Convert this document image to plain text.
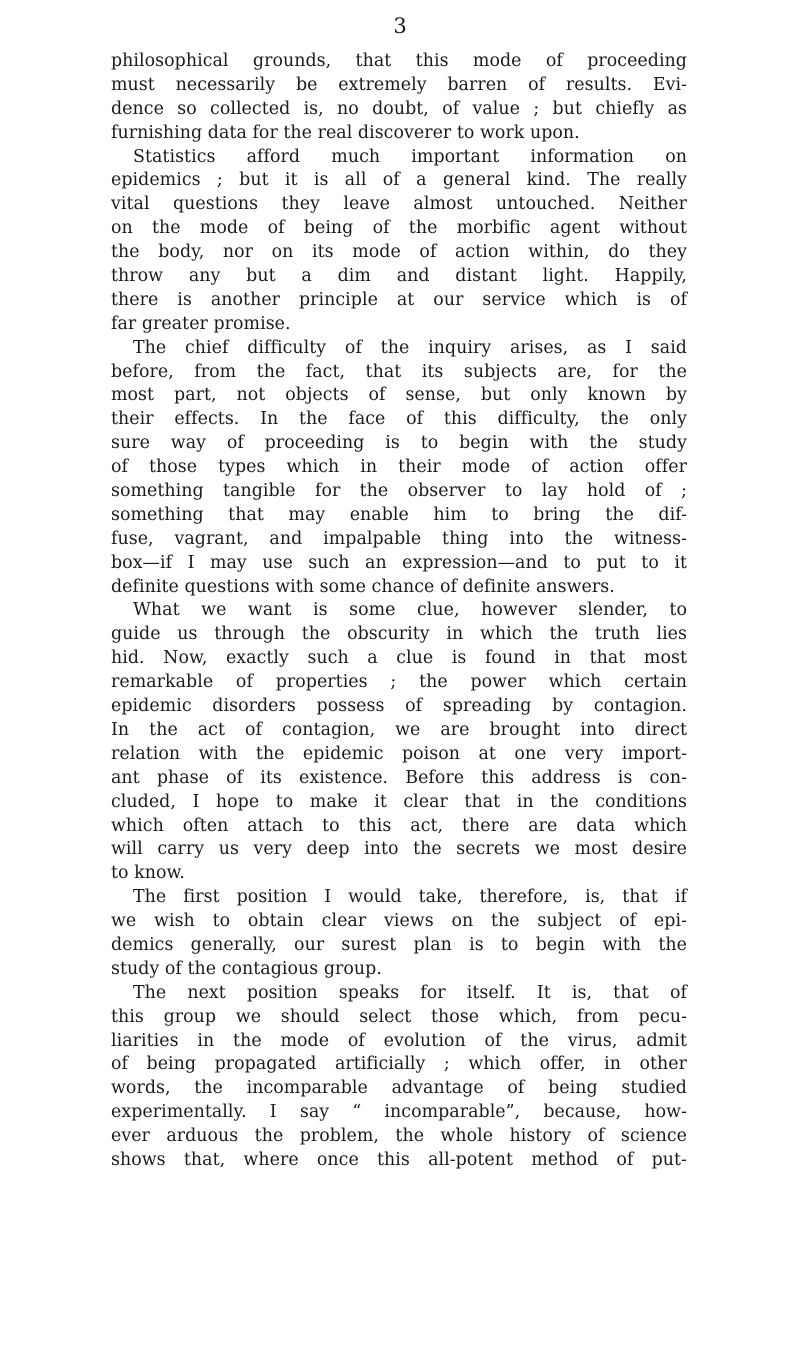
3
philosophical grounds, that this mode of proceeding
must necessarily be extremely barren of results. Evi-
dence so collected is, no doubt, of value ; but chiefly as
furnishing data for the real discoverer to work upon.
Statistics afford much important information on
epidemics ; but it is all of a general kind. The really
vital questions they leave almost untouched. Neither
on the mode of being of the morbific agent without
the body, nor on its mode of action within, do they
throw any but a dim and distant light. Happily,
there is another principle at our service which is of
far greater promise.
The chief difficulty of the inquiry arises, as I said
before, from the fact, that its subjects are, for the
most part, not objects of sense, but only known by
their effects. In the face of this difficulty, the only
sure way of proceeding is to begin with the study
of those types which in their mode of action offer
something tangible for the observer to lay hold of ;
something that may enable him to bring the dif-
fuse, vagrant, and impalpable thing into the witness-
box—if I may use such an expression—and to put to it
definite questions with some chance of definite answers.
What we want is some clue, however slender, to
guide us through the obscurity in which the truth lies
hid. Now, exactly such a clue is found in that most
remarkable of properties ; the power which certain
epidemic disorders possess of spreading by contagion.
In the act of contagion, we are brought into direct
relation with the epidemic poison at one very import-
ant phase of its existence. Before this address is con-
cluded, I hope to make it clear that in the conditions
which often attach to this act, there are data which
will carry us very deep into the secrets we most desire
to know.
The first position I would take, therefore, is, that if
we wish to obtain clear views on the subject of epi-
demics generally, our surest plan is to begin with the
study of the contagious group.
The next position speaks for itself. It is, that of
this group we should select those which, from pecu-
liarities in the mode of evolution of the virus, admit
of being propagated artificially ; which offer, in other
words, the incomparable advantage of being studied
experimentally. I say “ incomparable”, because, how-
ever arduous the problem, the whole history of science
shows that, where once this all-potent method of put-
